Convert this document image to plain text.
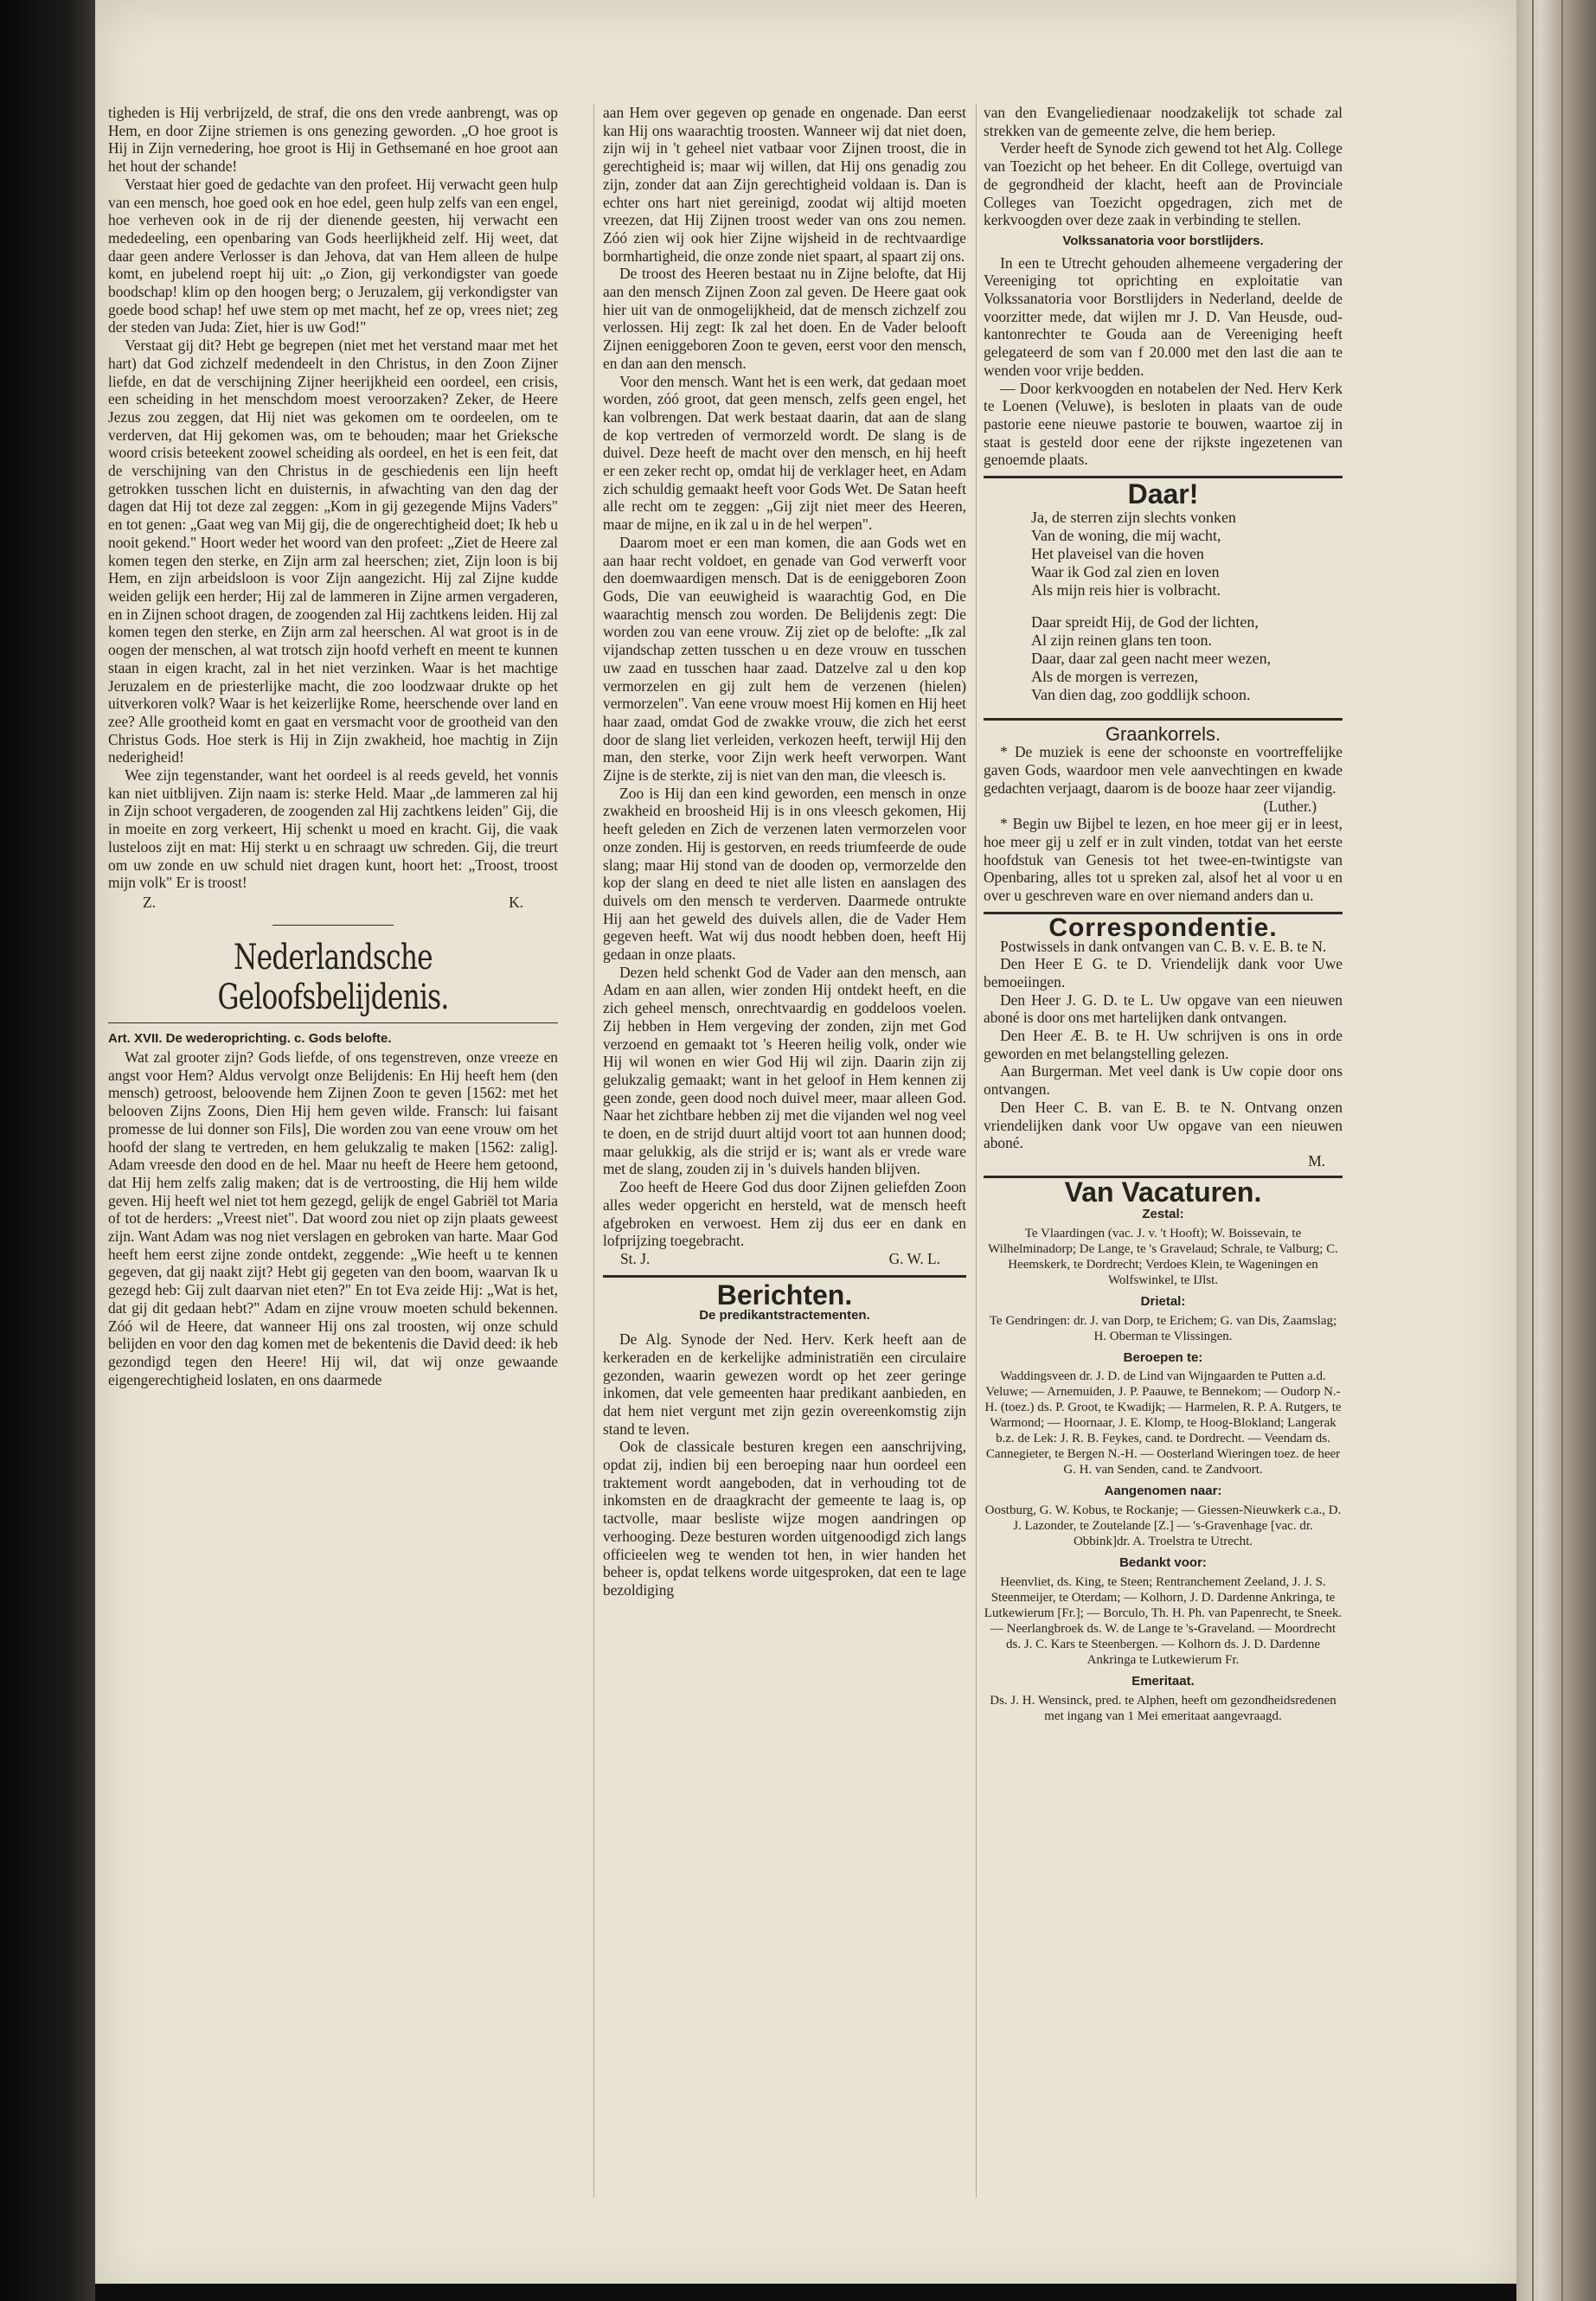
tigheden is Hij verbrijzeld, de straf, die ons den vrede aanbrengt, was op Hem, en door Zijne striemen is ons genezing geworden. „O hoe groot is Hij in Zijn vernedering, hoe groot is Hij in Gethsemané en hoe groot aan het hout der schande!

Verstaat hier goed de gedachte van den profeet. Hij verwacht geen hulp van een mensch, hoe goed ook en hoe edel, geen hulp zelfs van een engel, hoe verheven ook in de rij der dienende geesten, hij verwacht een mededeeling, een openbaring van Gods heerlijkheid zelf. Hij weet, dat daar geen andere Verlosser is dan Jehova, dat van Hem alleen de hulpe komt, en jubelend roept hij uit: „o Zion, gij verkondigster van goede boodschap! klim op den hoogen berg; o Jeruzalem, gij verkondigster van goede bood schap! hef uwe stem op met macht, hef ze op, vrees niet; zeg der steden van Juda: Ziet, hier is uw God!"

Verstaat gij dit? Hebt ge begrepen (niet met het verstand maar met het hart) dat God zichzelf medendeelt in den Christus, in den Zoon Zijner liefde, en dat de verschijning Zijner heerijkheid een oordeel, een crisis, een scheiding in het menschdom moest veroorzaken? Zeker, de Heere Jezus zou zeggen, dat Hij niet was gekomen om te oordeelen, om te verderven, dat Hij gekomen was, om te behouden; maar het Grieksche woord crisis beteekent zoowel scheiding als oordeel, en het is een feit, dat de verschijning van den Christus in de geschiedenis een lijn heeft getrokken tusschen licht en duisternis, in afwachting van den dag der dagen dat Hij tot deze zal zeggen: „Kom in gij gezegende Mijns Vaders" en tot genen: „Gaat weg van Mij gij, die de ongerechtigheid doet; Ik heb u nooit gekend." Hoort weder het woord van den profeet: „Ziet de Heere zal komen tegen den sterke, en Zijn arm zal heerschen; ziet, Zijn loon is bij Hem, en zijn arbeidsloon is voor Zijn aangezicht. Hij zal Zijne kudde weiden gelijk een herder; Hij zal de lammeren in Zijne armen vergaderen, en in Zijnen schoot dragen, de zoogenden zal Hij zachtkens leiden. Hij zal komen tegen den sterke, en Zijn arm zal heerschen. Al wat groot is in de oogen der menschen, al wat trotsch zijn hoofd verheft en meent te kunnen staan in eigen kracht, zal in het niet verzinken. Waar is het machtige Jeruzalem en de priesterlijke macht, die zoo loodzwaar drukte op het uitverkoren volk? Waar is het keizerlijke Rome, heerschende over land en zee? Alle grootheid komt en gaat en versmacht voor de grootheid van den Christus Gods. Hoe sterk is Hij in Zijn zwakheid, hoe machtig in Zijn nederigheid!

Wee zijn tegenstander, want het oordeel is al reeds geveld, het vonnis kan niet uitblijven. Zijn naam is: sterke Held. Maar „de lammeren zal hij in Zijn schoot vergaderen, de zoogenden zal Hij zachtkens leiden" Gij, die in moeite en zorg verkeert, Hij schenkt u moed en kracht. Gij, die vaak lusteloos zijt en mat: Hij sterkt u en schraagt uw schreden. Gij, die treurt om uw zonde en uw schuld niet dragen kunt, hoort het: „Troost, troost mijn volk" Er is troost!

Z.	K.
Nederlandsche Geloofsbelijdenis.
Art. XVII. De wederoprichting. c. Gods belofte.

Wat zal grooter zijn? Gods liefde, of ons tegenstreven, onze vreeze en angst voor Hem? Aldus vervolgt onze Belijdenis: En Hij heeft hem (den mensch) getroost, beloovende hem Zijnen Zoon te geven [1562: met het belooven Zijns Zoons, Dien Hij hem geven wilde. Fransch: lui faisant promesse de lui donner son Fils], Die worden zou van eene vrouw om het hoofd der slang te vertreden, en hem gelukzalig te maken [1562: zalig]. Adam vreesde den dood en de hel. Maar nu heeft de Heere hem getoond, dat Hij hem zelfs zalig maken; dat is de vertroosting, die Hij hem wilde geven. Hij heeft wel niet tot hem gezegd, gelijk de engel Gabriël tot Maria of tot de herders: „Vreest niet". Dat woord zou niet op zijn plaats geweest zijn. Want Adam was nog niet verslagen en gebroken van harte. Maar God heeft hem eerst zijne zonde ontdekt, zeggende: „Wie heeft u te kennen gegeven, dat gij naakt zijt? Hebt gij gegeten van den boom, waarvan Ik u gezegd heb: Gij zult daarvan niet eten?" En tot Eva zeide Hij: „Wat is het, dat gij dit gedaan hebt?" Adam en zijne vrouw moeten schuld bekennen. Zóó wil de Heere, dat wanneer Hij ons zal troosten, wij onze schuld belijden en voor den dag komen met de bekentenis die David deed: ik heb gezondigd tegen den Heere! Hij wil, dat wij onze gewaande eigengerechtigheid loslaten, en ons daarmede

aan Hem over gegeven op genade en ongenade. Dan eerst kan Hij ons waarachtig troosten. Wanneer wij dat niet doen, zijn wij in 't geheel niet vatbaar voor Zijnen troost, die in gerechtigheid is; maar wij willen, dat Hij ons genadig zou zijn, zonder dat aan Zijn gerechtigheid voldaan is. Dan is echter ons hart niet gereinigd, zoodat wij altijd moeten vreezen, dat Hij Zijnen troost weder van ons zou nemen. Zóó zien wij ook hier Zijne wijsheid in de rechtvaardige bormhartigheid, die onze zonde niet spaart, al spaart zij ons.

De troost des Heeren bestaat nu in Zijne belofte, dat Hij aan den mensch Zijnen Zoon zal geven. De Heere gaat ook hier uit van de onmogelijkheid, dat de mensch zichzelf zou verlossen. Hij zegt: Ik zal het doen. En de Vader belooft Zijnen eeniggeboren Zoon te geven, eerst voor den mensch, en dan aan den mensch.

Voor den mensch. Want het is een werk, dat gedaan moet worden, zóó groot, dat geen mensch, zelfs geen engel, het kan volbrengen. Dat werk bestaat daarin, dat aan de slang de kop vertreden of vermorzeld wordt. De slang is de duivel. Deze heeft de macht over den mensch, en hij heeft er een zeker recht op, omdat hij de verklager heet, en Adam zich schuldig gemaakt heeft voor Gods Wet. De Satan heeft alle recht om te zeggen: „Gij zijt niet meer des Heeren, maar de mijne, en ik zal u in de hel werpen".

Daarom moet er een man komen, die aan Gods wet en aan haar recht voldoet, en genade van God verwerft voor den doemwaardigen mensch. Dat is de eeniggeboren Zoon Gods, Die van eeuwigheid is waarachtig God, en Die waarachtig mensch zou worden. De Belijdenis zegt: Die worden zou van eene vrouw. Zij ziet op de belofte: „Ik zal vijandschap zetten tusschen u en deze vrouw en tusschen uw zaad en tusschen haar zaad. Datzelve zal u den kop vermorzelen en gij zult hem de verzenen (hielen) vermorzelen". Van eene vrouw moest Hij komen en Hij heet haar zaad, omdat God de zwakke vrouw, die zich het eerst door de slang liet verleiden, verkozen heeft, terwijl Hij den man, den sterke, voor Zijn werk heeft verworpen. Want Zijne is de sterkte, zij is niet van den man, die vleesch is.

Zoo is Hij dan een kind geworden, een mensch in onze zwakheid en broosheid Hij is in ons vleesch gekomen, Hij heeft geleden en Zich de verzenen laten vermorzelen voor onze zonden. Hij is gestorven, en reeds triumfeerde de oude slang; maar Hij stond van de dooden op, vermorzelde den kop der slang en deed te niet alle listen en aanslagen des duivels om den mensch te verderven. Daarmede ontrukte Hij aan het geweld des duivels allen, die de Vader Hem gegeven heeft. Wat wij dus noodt hebben doen, heeft Hij gedaan in onze plaats.

Dezen held schenkt God de Vader aan den mensch, aan Adam en aan allen, wier zonden Hij ontdekt heeft, en die zich geheel mensch, onrechtvaardig en goddeloos voelen. Zij hebben in Hem vergeving der zonden, zijn met God verzoend en gemaakt tot 's Heeren heilig volk, onder wie Hij wil wonen en wier God Hij wil zijn. Daarin zijn zij gelukzalig gemaakt; want in het geloof in Hem kennen zij geen zonde, geen dood noch duivel meer, maar alleen God. Naar het zichtbare hebben zij met die vijanden wel nog veel te doen, en de strijd duurt altijd voort tot aan hunnen dood; maar gelukkig, als die strijd er is; want als er vrede ware met de slang, zouden zij in 's duivels handen blijven.

Zoo heeft de Heere God dus door Zijnen geliefden Zoon alles weder opgericht en hersteld, wat de mensch heeft afgebroken en verwoest. Hem zij dus eer en dank en lofprijzing toegebracht.

St. J.	G. W. L.
Berichten.
De predikantstractementen.

De Alg. Synode der Ned. Herv. Kerk heeft aan de kerkeraden en de kerkelijke administratiën een circulaire gezonden, waarin gewezen wordt op het zeer geringe inkomen, dat vele gemeenten haar predikant aanbieden, en dat hem niet vergunt met zijn gezin overeenkomstig zijn stand te leven.

Ook de classicale besturen kregen een aanschrijving, opdat zij, indien bij een beroeping naar hun oordeel een traktement wordt aangeboden, dat in verhouding tot de inkomsten en de draagkracht der gemeente te laag is, op tactvolle, maar besliste wijze mogen aandringen op verhooging. Deze besturen worden uitgenoodigd zich langs officieelen weg te wenden tot hen, in wier handen het beheer is, opdat telkens worde uitgesproken, dat een te lage bezoldiging

van den Evangeliedienaar noodzakelijk tot schade zal strekken van de gemeente zelve, die hem beriep.

Verder heeft de Synode zich gewend tot het Alg. College van Toezicht op het beheer. En dit College, overtuigd van de gegrondheid der klacht, heeft aan de Provinciale Colleges van Toezicht opgedragen, zich met de kerkvoogden over deze zaak in verbinding te stellen.

Volkssanatoria voor borstlijders.

In een te Utrecht gehouden alhemeene vergadering der Vereeniging tot oprichting en exploitatie van Volkssanatoria voor Borstlijders in Nederland, deelde de voorzitter mede, dat wijlen mr J. D. Van Heusde, oud-kantonrechter te Gouda aan de Vereeniging heeft gelegateerd de som van f 20.000 met den last die aan te wenden voor vrije bedden.

— Door kerkvoogden en notabelen der Ned. Herv Kerk te Loenen (Veluwe), is besloten in plaats van de oude pastorie eene nieuwe pastorie te bouwen, waartoe zij in staat is gesteld door eene der rijkste ingezetenen van genoemde plaats.

Daar!
Ja, de sterren zijn slechts vonken
Van de woning, die mij wacht,
Het plaveisel van die hoven
Waar ik God zal zien en loven
Als mijn reis hier is volbracht.
Daar spreidt Hij, de God der lichten,
Al zijn reinen glans ten toon.
Daar, daar zal geen nacht meer wezen,
Als de morgen is verrezen,
Van dien dag, zoo goddlijk schoon.
Graankorrels.

* De muziek is eene der schoonste en voortreffelijke gaven Gods, waardoor men vele aanvechtingen en kwade gedachten verjaagt, daarom is de booze haar zeer vijandig.

(Luther.)

* Begin uw Bijbel te lezen, en hoe meer gij er in leest, hoe meer gij u zelf er in zult vinden, totdat van het eerste hoofdstuk van Genesis tot het twee-en-twintigste van Openbaring, alles tot u spreken zal, alsof het al voor u en over u geschreven ware en over niemand anders dan u.

Correspondentie.

Postwissels in dank ontvangen van C. B. v. E. B. te N.

Den Heer E G. te D. Vriendelijk dank voor Uwe bemoeiingen.

Den Heer J. G. D. te L. Uw opgave van een nieuwen aboné is door ons met hartelijken dank ontvangen.

Den Heer Æ. B. te H. Uw schrijven is ons in orde geworden en met belangstelling gelezen.

Aan Burgerman. Met veel dank is Uw copie door ons ontvangen.

Den Heer C. B. van E. B. te N. Ontvang onzen vriendelijken dank voor Uw opgave van een nieuwen aboné.

M.
Van Vacaturen.
Zestal:
Te Vlaardingen (vac. J. v. 't Hooft); W. Boissevain, te Wilhelminadorp; De Lange, te 's Gravelaud; Schrale, te Valburg; C. Heemskerk, te Dordrecht; Verdoes Klein, te Wageningen en Wolfswinkel, te IJlst.
Drietal:
Te Gendringen: dr. J. van Dorp, te Erichem; G. van Dis, Zaamslag; H. Oberman te Vlissingen.
Beroepen te:
Waddingsveen dr. J. D. de Lind van Wijngaarden te Putten a.d. Veluwe; — Arnemuiden, J. P. Paauwe, te Bennekom; — Oudorp N.-H. (toez.) ds. P. Groot, te Kwadijk; — Harmelen, R. P. A. Rutgers, te Warmond; — Hoornaar, J. E. Klomp, te Hoog-Blokland; Langerak b.z. de Lek: J. R. B. Feykes, cand. te Dordrecht. — Veendam ds. Cannegieter, te Bergen N.-H. — Oosterland Wieringen toez. de heer G. H. van Senden, cand. te Zandvoort.
Aangenomen naar:
Oostburg, G. W. Kobus, te Rockanje; — Giessen-Nieuwkerk c.a., D. J. Lazonder, te Zoutelande [Z.] — 's-Gravenhage [vac. dr. Obbink]dr. A. Troelstra te Utrecht.
Bedankt voor:
Heenvliet, ds. King, te Steen; Rentranchement Zeeland, J. J. S. Steenmeijer, te Oterdam; — Kolhorn, J. D. Dardenne Ankringa, te Lutkewierum [Fr.]; — Borculo, Th. H. Ph. van Papenrecht, te Sneek. — Neerlangbroek ds. W. de Lange te 's-Graveland. — Moordrecht ds. J. C. Kars te Steenbergen. — Kolhorn ds. J. D. Dardenne Ankringa te Lutkewierum Fr.
Emeritaat.
Ds. J. H. Wensinck, pred. te Alphen, heeft om gezondheidsredenen met ingang van 1 Mei emeritaat aangevraagd.
